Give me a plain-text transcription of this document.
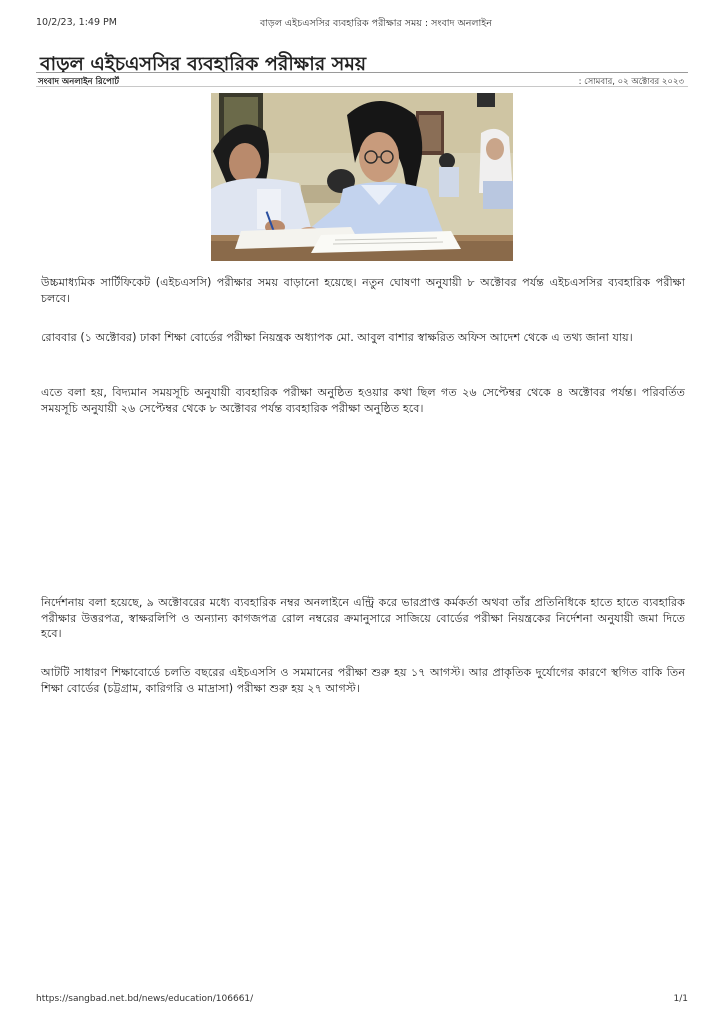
10/2/23, 1:49 PM	বাড়ল এইচএসসির ব্যবহারিক পরীক্ষার সময় : সংবাদ অনলাইন
বাড়ল এইচএসসির ব্যবহারিক পরীক্ষার সময়
সংবাদ অনলাইন রিপোর্ট	: সোমবার, ০২ অক্টোবর ২০২৩
উচ্চমাধ্যমিক সার্টিফিকেট (এইচএসসি) পরীক্ষার সময় বাড়ানো হয়েছে। নতুন ঘোষণা অনুযায়ী ৮ অক্টোবর পর্যন্ত এইচএসসির ব্যবহারিক পরীক্ষা চলবে।
রোববার (১ অক্টোবর) ঢাকা শিক্ষা বোর্ডের পরীক্ষা নিয়ন্ত্রক অধ্যাপক মো. আবুল বাশার স্বাক্ষরিত অফিস আদেশ থেকে এ তথ্য জানা যায়।
এতে বলা হয়, বিদ্যমান সময়সূচি অনুযায়ী ব্যবহারিক পরীক্ষা অনুষ্ঠিত হওয়ার কথা ছিল গত ২৬ সেপ্টেম্বর থেকে ৪ অক্টোবর পর্যন্ত। পরিবর্তিত সময়সূচি অনুযায়ী ২৬ সেপ্টেম্বর থেকে ৮ অক্টোবর পর্যন্ত ব্যবহারিক পরীক্ষা অনুষ্ঠিত হবে।
নির্দেশনায় বলা হয়েছে, ৯ অক্টোবরের মধ্যে ব্যবহারিক নম্বর অনলাইনে এন্ট্রি করে ভারপ্রাপ্ত কর্মকর্তা অথবা তাঁর প্রতিনিধিকে হাতে হাতে ব্যবহারিক পরীক্ষার উত্তরপত্র, স্বাক্ষরলিপি ও অন্যান্য কাগজপত্র রোল নম্বরের ক্রমানুসারে সাজিয়ে বোর্ডের পরীক্ষা নিয়ন্ত্রকের নির্দেশনা অনুযায়ী জমা দিতে হবে।
আটটি সাধারণ শিক্ষাবোর্ডে চলতি বছরের এইচএসসি ও সমমানের পরীক্ষা শুরু হয় ১৭ আগস্ট। আর প্রাকৃতিক দুর্যোগের কারণে স্থগিত বাকি তিন শিক্ষা বোর্ডের (চট্টগ্রাম, কারিগরি ও মাদ্রাসা) পরীক্ষা শুরু হয় ২৭ আগস্ট।
https://sangbad.net.bd/news/education/106661/	1/1
